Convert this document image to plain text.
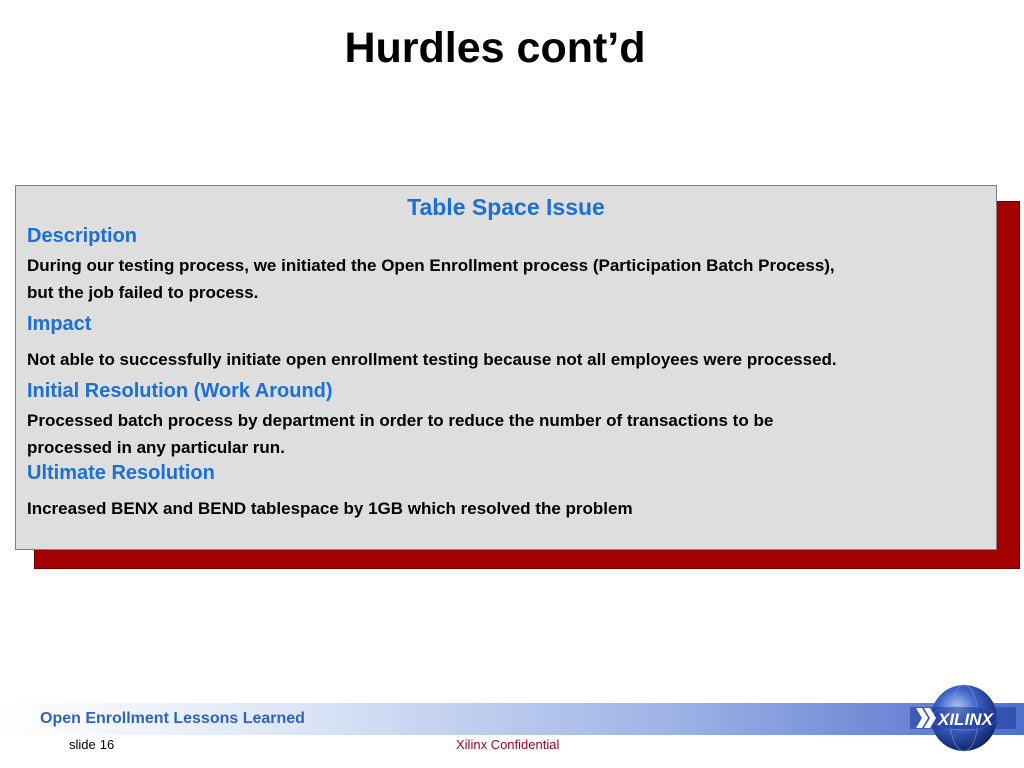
Hurdles cont’d
Table Space Issue
Description
During our testing process, we initiated the Open Enrollment process (Participation Batch Process),
but the job failed to process.
Impact
Not able to successfully initiate open enrollment testing because not all employees were processed.
Initial Resolution (Work Around)
Processed batch process by department in order to reduce the number of transactions to be
processed in any particular run.
Ultimate Resolution
Increased BENX and BEND tablespace by 1GB which resolved the problem
Open Enrollment Lessons Learned
slide 16	Xilinx Confidential
XILINX
